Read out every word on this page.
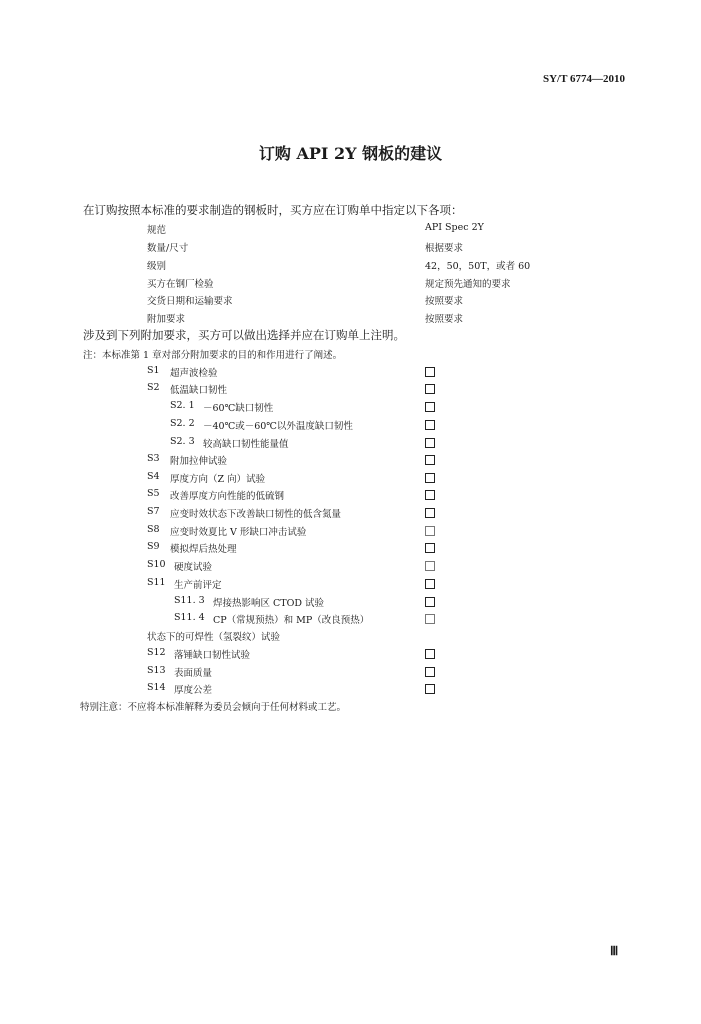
SY/T 6774—2010
订购 API 2Y 钢板的建议
在订购按照本标准的要求制造的钢板时，买方应在订购单中指定以下各项：
规范	API Spec 2Y
数量/尺寸	根据要求
级别	42，50，50T，或者 60
买方在钢厂检验	规定预先通知的要求
交货日期和运输要求	按照要求
附加要求	按照要求
涉及到下列附加要求，买方可以做出选择并应在订购单上注明。
注：本标准第 1 章对部分附加要求的目的和作用进行了阐述。
S1 超声波检验
S2 低温缺口韧性
S2. 1 －60℃缺口韧性
S2. 2 －40℃或－60℃以外温度缺口韧性
S2. 3 较高缺口韧性能量值
S3 附加拉伸试验
S4 厚度方向（Z 向）试验
S5 改善厚度方向性能的低硫钢
S7 应变时效状态下改善缺口韧性的低含氮量
S8 应变时效夏比 V 形缺口冲击试验
S9 模拟焊后热处理
S10 硬度试验
S11 生产前评定
S11. 3 焊接热影响区 CTOD 试验
S11. 4 CP（常规预热）和 MP（改良预热）
状态下的可焊性（氢裂纹）试验
S12 落锤缺口韧性试验
S13 表面质量
S14 厚度公差
特别注意：不应将本标准解释为委员会倾向于任何材料或工艺。
Ⅲ
